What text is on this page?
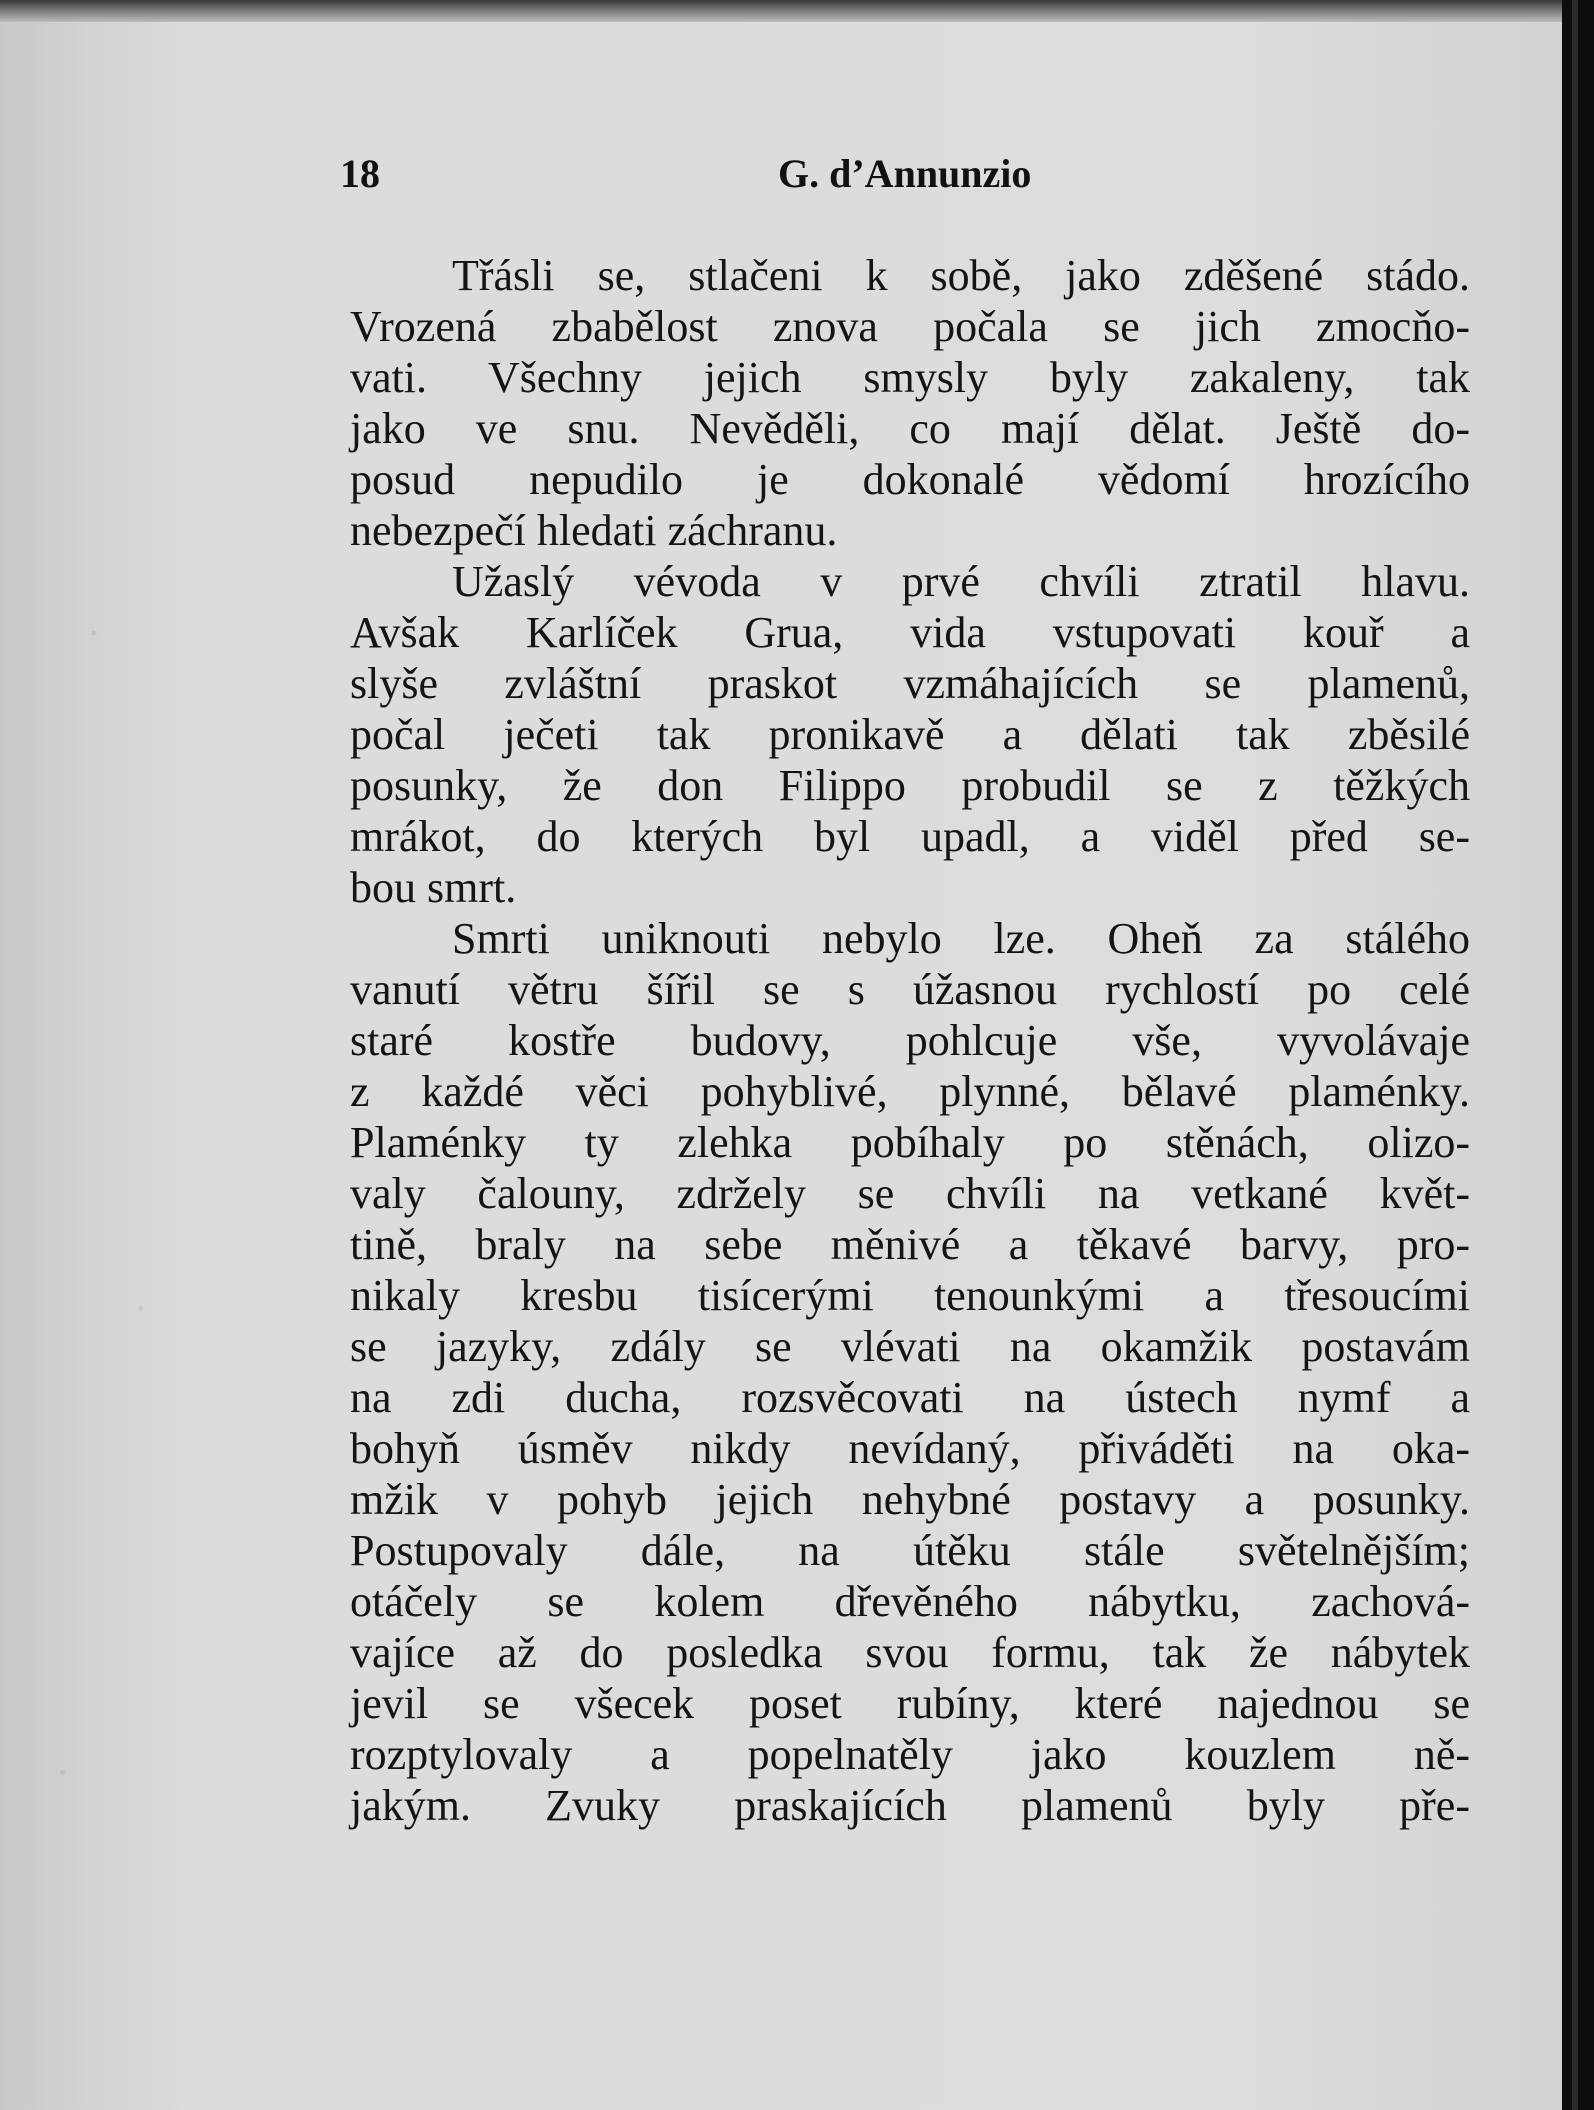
18	G. d’Annunzio
Třásli se, stlačeni k sobě, jako zděšené stádo.
Vrozená zbabělost znova počala se jich zmocňo-
vati. Všechny jejich smysly byly zakaleny, tak
jako ve snu. Nevěděli, co mají dělat. Ještě do-
posud nepudilo je dokonalé vědomí hrozícího
nebezpečí hledati záchranu.
Užaslý vévoda v prvé chvíli ztratil hlavu.
Avšak Karlíček Grua, vida vstupovati kouř a
slyše zvláštní praskot vzmáhajících se plamenů,
počal ječeti tak pronikavě a dělati tak zběsilé
posunky, že don Filippo probudil se z těžkých
mrákot, do kterých byl upadl, a viděl před se-
bou smrt.
Smrti uniknouti nebylo lze. Oheň za stálého
vanutí větru šířil se s úžasnou rychlostí po celé
staré kostře budovy, pohlcuje vše, vyvolávaje
z každé věci pohyblivé, plynné, bělavé plaménky.
Plaménky ty zlehka pobíhaly po stěnách, olizo-
valy čalouny, zdržely se chvíli na vetkané květ-
tině, braly na sebe měnivé a těkavé barvy, pro-
nikaly kresbu tisícerými tenounkými a třesoucími
se jazyky, zdály se vlévati na okamžik postavám
na zdi ducha, rozsvěcovati na ústech nymf a
bohyň úsměv nikdy nevídaný, přiváděti na oka-
mžik v pohyb jejich nehybné postavy a posunky.
Postupovaly dále, na útěku stále světelnějším;
otáčely se kolem dřevěného nábytku, zachová-
vajíce až do posledka svou formu, tak že nábytek
jevil se všecek poset rubíny, které najednou se
rozptylovaly a popelnatěly jako kouzlem ně-
jakým. Zvuky praskajících plamenů byly pře-
